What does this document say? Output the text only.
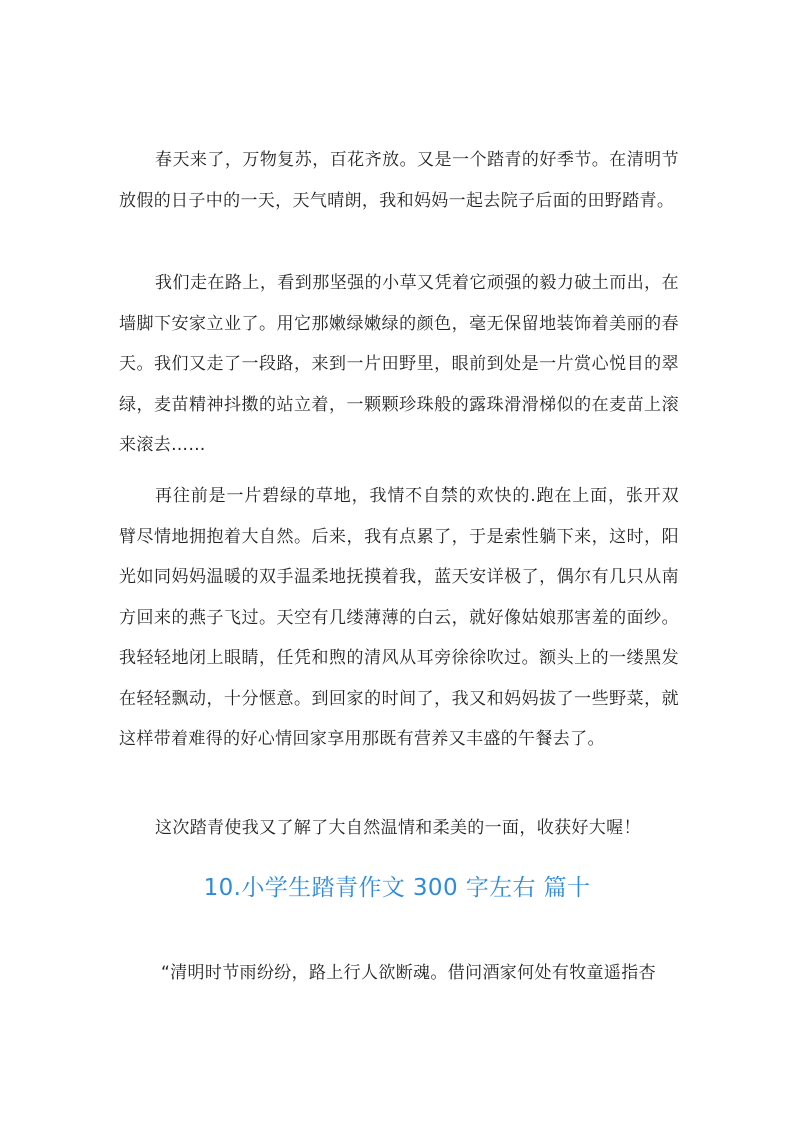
春天来了，万物复苏，百花齐放。又是一个踏青的好季节。在清明节放假的日子中的一天，天气晴朗，我和妈妈一起去院子后面的田野踏青。

我们走在路上，看到那坚强的小草又凭着它顽强的毅力破土而出，在墙脚下安家立业了。用它那嫩绿嫩绿的颜色，毫无保留地装饰着美丽的春天。我们又走了一段路，来到一片田野里，眼前到处是一片赏心悦目的翠绿，麦苗精神抖擞的站立着，一颗颗珍珠般的露珠滑滑梯似的在麦苗上滚来滚去……

再往前是一片碧绿的草地，我情不自禁的欢快的.跑在上面，张开双臂尽情地拥抱着大自然。后来，我有点累了，于是索性躺下来，这时，阳光如同妈妈温暖的双手温柔地抚摸着我，蓝天安详极了，偶尔有几只从南方回来的燕子飞过。天空有几缕薄薄的白云，就好像姑娘那害羞的面纱。我轻轻地闭上眼睛，任凭和煦的清风从耳旁徐徐吹过。额头上的一缕黑发在轻轻飘动，十分惬意。到回家的时间了，我又和妈妈拔了一些野菜，就这样带着难得的好心情回家享用那既有营养又丰盛的午餐去了。

这次踏青使我又了解了大自然温情和柔美的一面，收获好大喔！

10.小学生踏青作文 300 字左右 篇十

“清明时节雨纷纷，路上行人欲断魂。借问酒家何处有牧童遥指杏
